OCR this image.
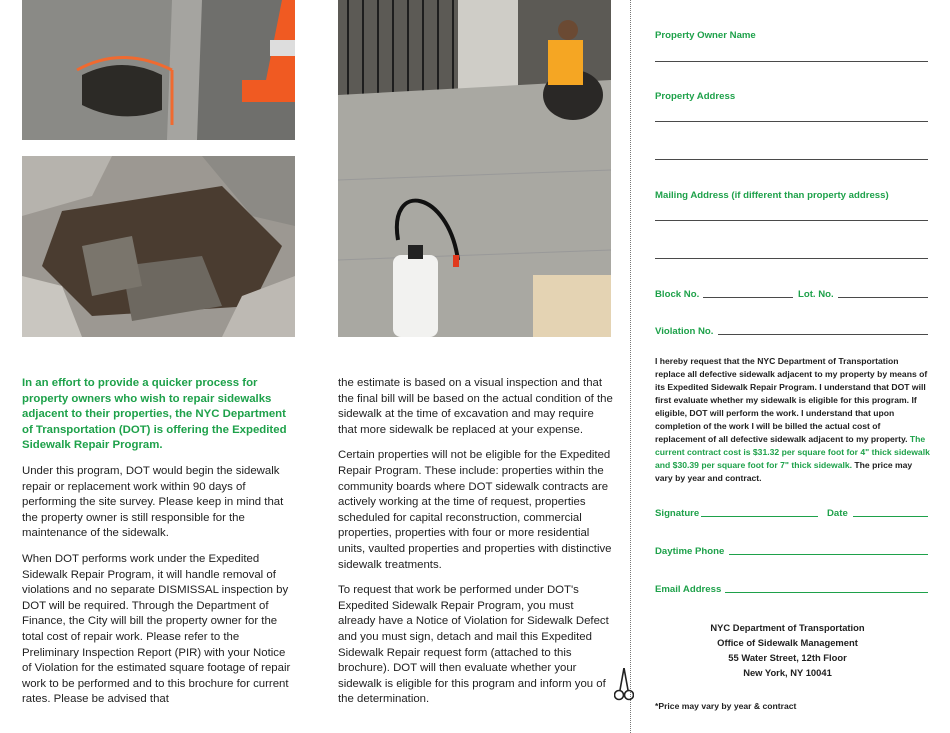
In an effort to provide a quicker process for property owners who wish to repair sidewalks adjacent to their properties, the NYC Department of Transportation (DOT) is offering the Expedited Sidewalk Repair Program.

Under this program, DOT would begin the sidewalk repair or replacement work within 90 days of performing the site survey. Please keep in mind that the property owner is still responsible for the maintenance of the sidewalk.

When DOT performs work under the Expedited Sidewalk Repair Program, it will handle removal of violations and no separate DISMISSAL inspection by DOT will be required. Through the Department of Finance, the City will bill the property owner for the total cost of repair work. Please refer to the Preliminary Inspection Report (PIR) with your Notice of Violation for the estimated square footage of repair work to be performed and to this brochure for current rates. Please be advised that

the estimate is based on a visual inspection and that the final bill will be based on the actual condition of the sidewalk at the time of excavation and may require that more sidewalk be replaced at your expense.

Certain properties will not be eligible for the Expedited Repair Program. These include: properties within the community boards where DOT sidewalk contracts are actively working at the time of request, properties scheduled for capital reconstruction, commercial properties, properties with four or more residential units, vaulted properties and properties with distinctive sidewalk treatments.

To request that work be performed under DOT's Expedited Sidewalk Repair Program, you must already have a Notice of Violation for Sidewalk Defect and you must sign, detach and mail this Expedited Sidewalk Repair request form (attached to this brochure). DOT will then evaluate whether your sidewalk is eligible for this program and inform you of the determination.

Property Owner Name
Property Address
Mailing Address (if different than property address)
Block No.	Lot. No.
Violation No.
I hereby request that the NYC Department of Transportation replace all defective sidewalk adjacent to my property by means of its Expedited Sidewalk Repair Program. I understand that DOT will first evaluate whether my sidewalk is eligible for this program. If eligible, DOT will perform the work. I understand that upon completion of the work I will be billed the actual cost of replacement of all defective sidewalk adjacent to my property. The current contract cost is $31.32 per square foot for 4" thick sidewalk and $30.39 per square foot for 7" thick sidewalk. The price may vary by year and contract.
Signature	Date
Daytime Phone
Email Address
NYC Department of Transportation
Office of Sidewalk Management
55 Water Street, 12th Floor
New York, NY 10041
*Price may vary by year & contract
